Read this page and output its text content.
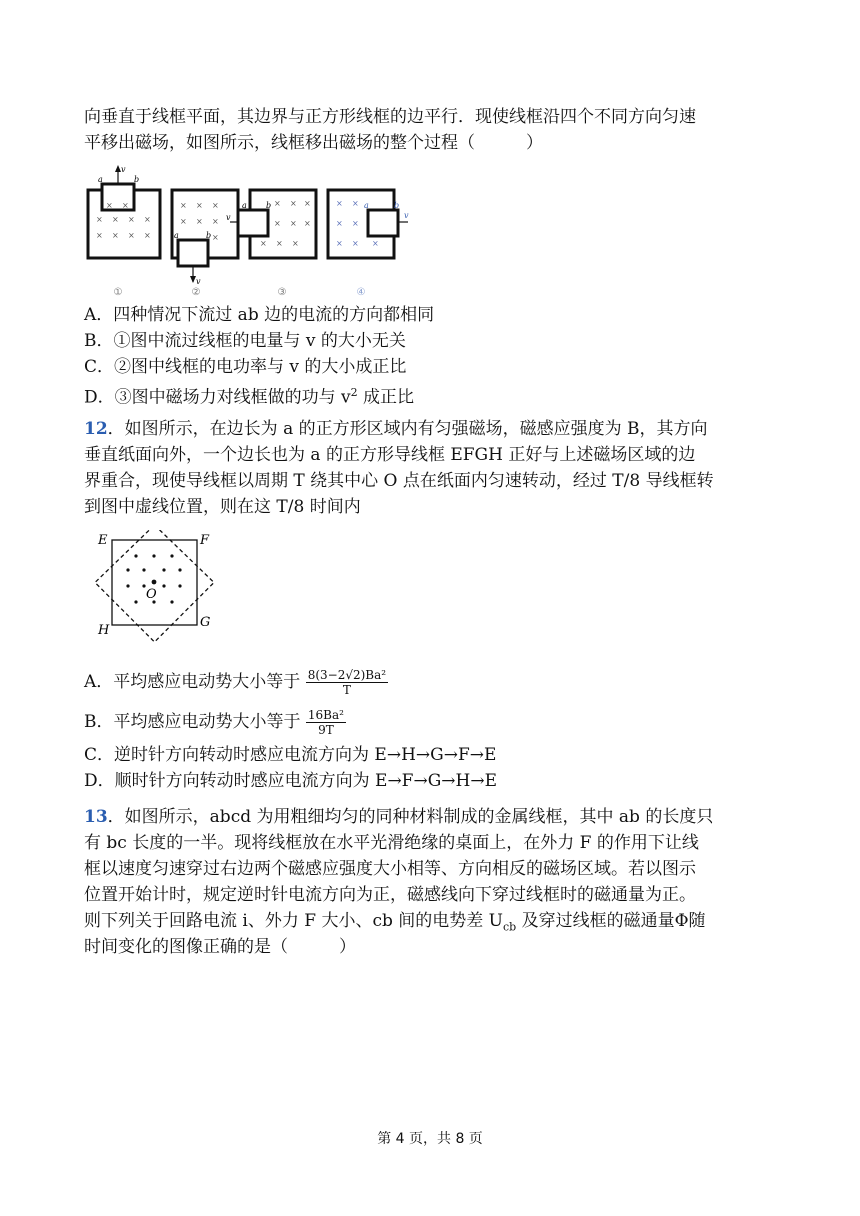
向垂直于线框平面，其边界与正方形线框的边平行．现使线框沿四个不同方向匀速
平移出磁场，如图所示，线框移出磁场的整个过程（　　　）
v
a	b
× ×
× × × ×
× × × ×
①
v
a	b
× × ×
× × ×
×
②
v
a b × × ×
× × ×
× × ×
③
v
a	b
× ×
× ×
× × ×
④
A．四种情况下流过 ab 边的电流的方向都相同
B．①图中流过线框的电量与 v 的大小无关
C．②图中线框的电功率与 v 的大小成正比
D．③图中磁场力对线框做的功与 $v^2$ 成正比
12．如图所示，在边长为 a 的正方形区域内有匀强磁场，磁感应强度为 B，其方向
垂直纸面向外，一个边长也为 a 的正方形导线框 EFGH 正好与上述磁场区域的边
界重合，现使导线框以周期 T 绕其中心 O 点在纸面内匀速转动，经过 T/8 导线框转
到图中虚线位置，则在这 T/8 时间内
E	F
H
G
O
A．平均感应电动势大小等于 $\frac{\text{8(3−2√2)Ba²}}{T}$
B．平均感应电动势大小等于 $\frac{\text{16Ba²}}{9T}$
C．逆时针方向转动时感应电流方向为 E→H→G→F→E
D．顺时针方向转动时感应电流方向为 E→F→G→H→E
13．如图所示，abcd 为用粗细均匀的同种材料制成的金属线框，其中 ab 的长度只
有 bc 长度的一半。现将线框放在水平光滑绝缘的桌面上，在外力 F 的作用下让线
框以速度匀速穿过右边两个磁感应强度大小相等、方向相反的磁场区域。若以图示
位置开始计时，规定逆时针电流方向为正，磁感线向下穿过线框时的磁通量为正。
则下列关于回路电流 i、外力 F 大小、cb 间的电势差 $U_{cb}$ 及穿过线框的磁通量Φ随
时间变化的图像正确的是（　　　）
第 4 页，共 8 页
